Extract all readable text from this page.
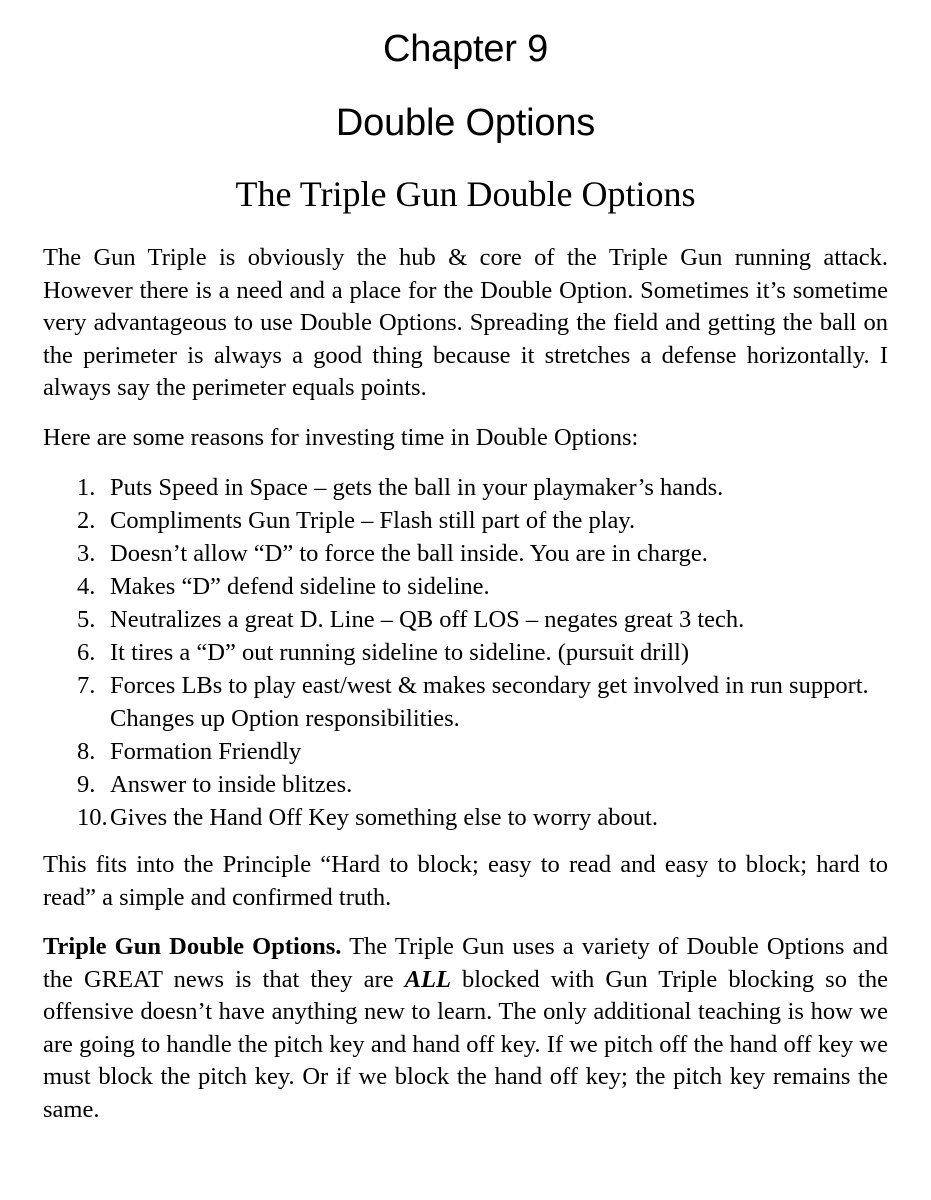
Chapter 9
Double Options
The Triple Gun Double Options

The Gun Triple is obviously the hub & core of the Triple Gun running attack. However there is a need and a place for the Double Option. Sometimes it’s sometime very advantageous to use Double Options. Spreading the field and getting the ball on the perimeter is always a good thing because it stretches a defense horizontally. I always say the perimeter equals points.

Here are some reasons for investing time in Double Options:

1. Puts Speed in Space – gets the ball in your playmaker’s hands.
2. Compliments Gun Triple – Flash still part of the play.
3. Doesn’t allow “D” to force the ball inside. You are in charge.
4. Makes “D” defend sideline to sideline.
5. Neutralizes a great D. Line – QB off LOS – negates great 3 tech.
6. It tires a “D” out running sideline to sideline. (pursuit drill)
7. Forces LBs to play east/west & makes secondary get involved in run support. Changes up Option responsibilities.
8. Formation Friendly
9. Answer to inside blitzes.
10. Gives the Hand Off Key something else to worry about.

This fits into the Principle “Hard to block; easy to read and easy to block; hard to read” a simple and confirmed truth.

Triple Gun Double Options. The Triple Gun uses a variety of Double Options and the GREAT news is that they are ALL blocked with Gun Triple blocking so the offensive doesn’t have anything new to learn. The only additional teaching is how we are going to handle the pitch key and hand off key. If we pitch off the hand off key we must block the pitch key. Or if we block the hand off key; the pitch key remains the same.
